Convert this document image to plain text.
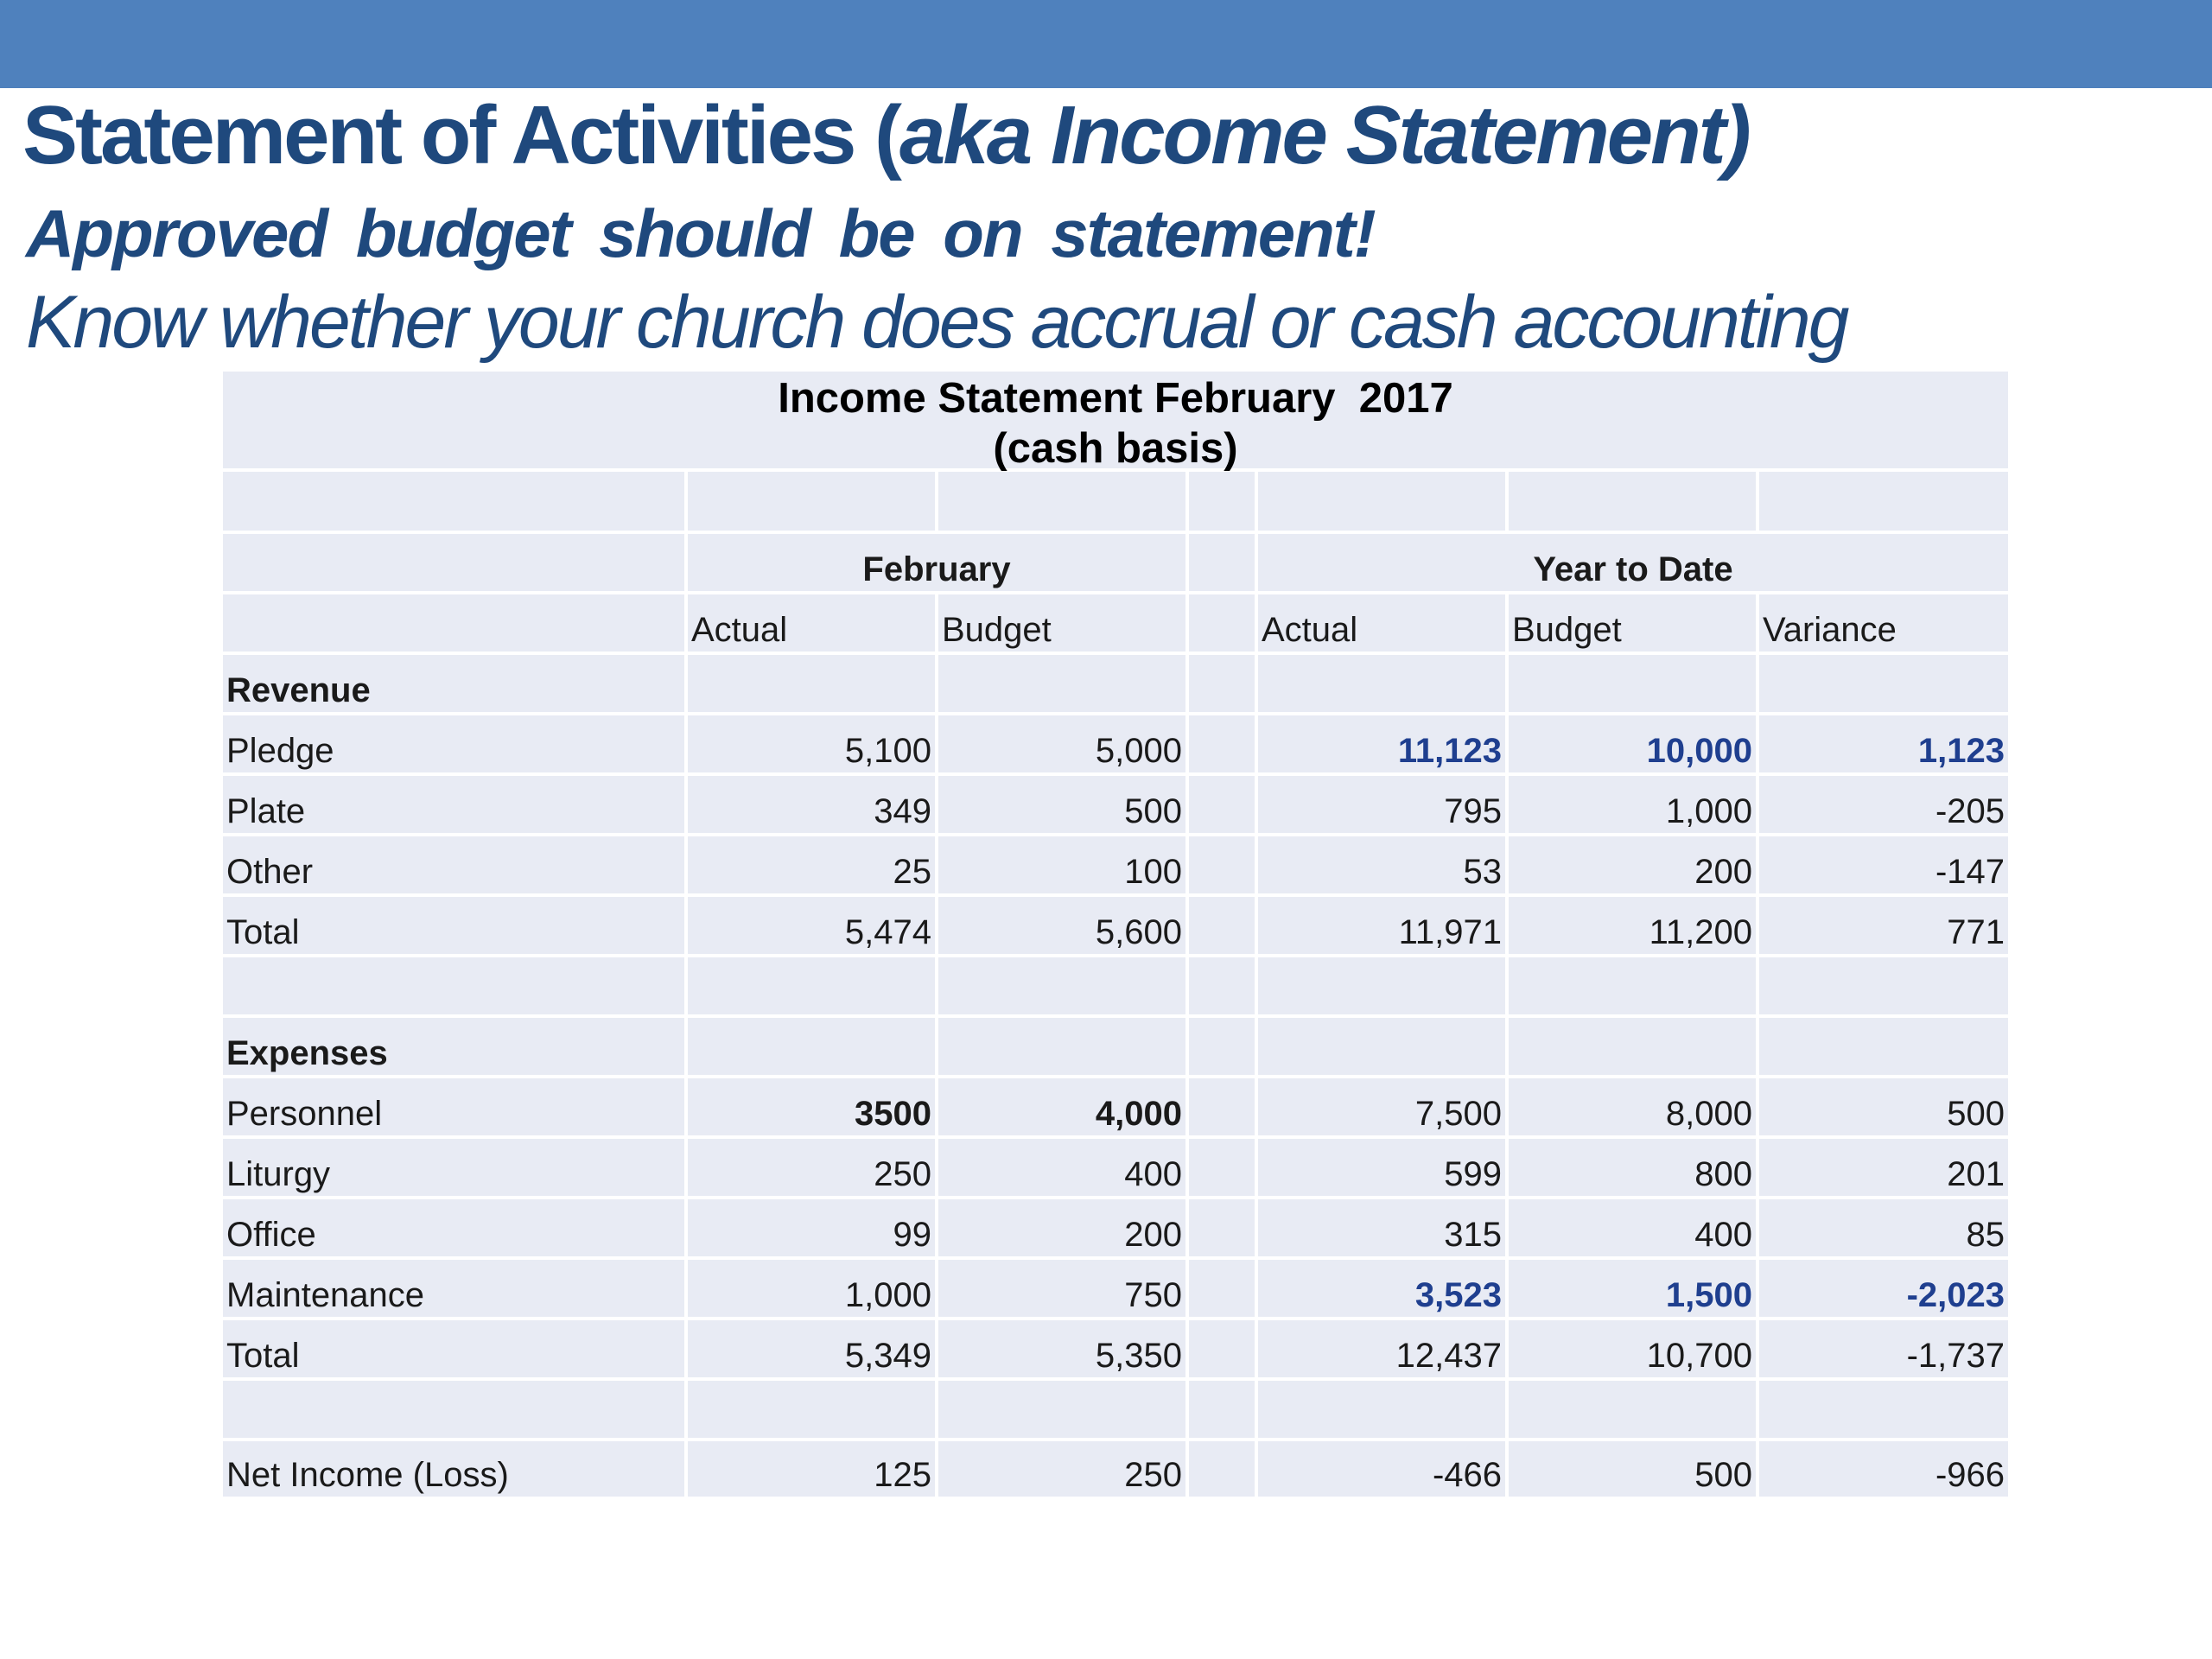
Statement of Activities (aka Income Statement)

Approved budget should be on statement!

Know whether your church does accrual or cash accounting

Income Statement February  2017
(cash basis)

	February			Year to Date		
	Actual	Budget		Actual	Budget	Variance
Revenue						
Pledge	5,100	5,000		11,123	10,000	1,123
Plate	349	500		795	1,000	-205
Other	25	100		53	200	-147
Total	5,474	5,600		11,971	11,200	771

Expenses						
Personnel	3500	4,000		7,500	8,000	500
Liturgy	250	400		599	800	201
Office	99	200		315	400	85
Maintenance	1,000	750		3,523	1,500	-2,023
Total	5,349	5,350		12,437	10,700	-1,737

Net Income (Loss)	125	250		-466	500	-966
